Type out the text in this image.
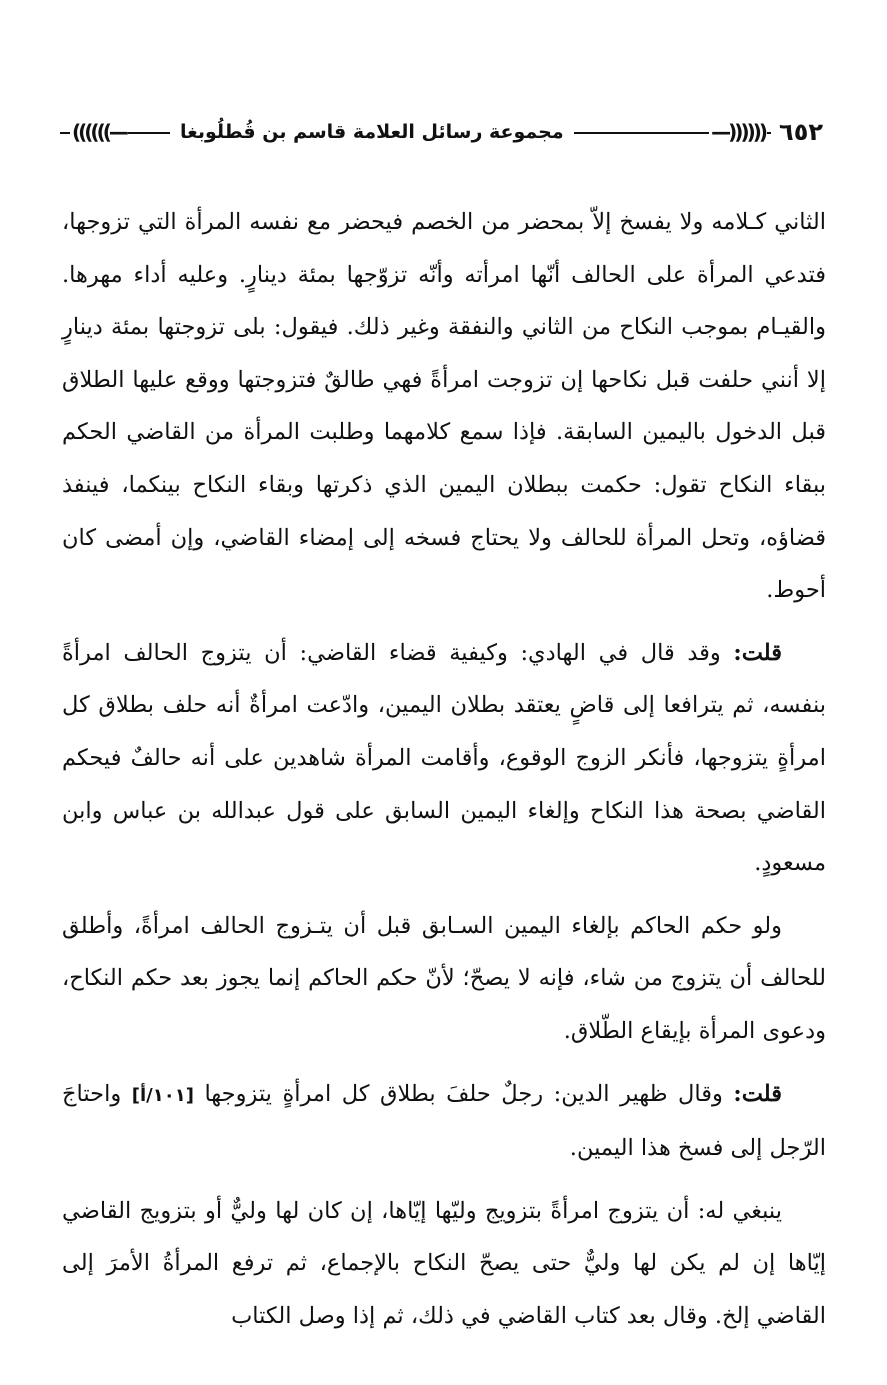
—))))))
((((((—	٦٥٢
مجموعة رسائل العلامة قاسم بن قُطلُوبغا

الثاني كـلامه ولا يفسخ إلاّ بمحضر من الخصم فيحضر مع نفسه المرأة التي تزوجها، فتدعي المرأة على الحالف أنّها امرأته وأنّه تزوّجها بمئة دينارٍ. وعليه أداء مهرها. والقيـام بموجب النكاح من الثاني والنفقة وغير ذلك. فيقول: بلى تزوجتها بمئة دينارٍ إلا أنني حلفت قبل نكاحها إن تزوجت امرأةً فهي طالقٌ فتزوجتها ووقع عليها الطلاق قبل الدخول باليمين السابقة. فإذا سمع كلامهما وطلبت المرأة من القاضي الحكم ببقاء النكاح تقول: حكمت ببطلان اليمين الذي ذكرتها وبقاء النكاح بينكما، فينفذ قضاؤه، وتحل المرأة للحالف ولا يحتاج فسخه إلى إمضاء القاضي، وإن أمضى كان أحوط.

قلت: وقد قال في الهادي: وكيفية قضاء القاضي: أن يتزوج الحالف امرأةً بنفسه، ثم يترافعا إلى قاضٍ يعتقد بطلان اليمين، وادّعت امرأةٌ أنه حلف بطلاق كل امرأةٍ يتزوجها، فأنكر الزوج الوقوع، وأقامت المرأة شاهدين على أنه حالفٌ فيحكم القاضي بصحة هذا النكاح وإلغاء اليمين السابق على قول عبدالله بن عباس وابن مسعودٍ.

ولو حكم الحاكم بإلغاء اليمين السـابق قبل أن يتـزوج الحالف امرأةً، وأطلق للحالف أن يتزوج من شاء، فإنه لا يصحّ؛ لأنّ حكم الحاكم إنما يجوز بعد حكم النكاح، ودعوى المرأة بإيقاع الطّلاق.

قلت: وقال ظهير الدين: رجلٌ حلفَ بطلاق كل امرأةٍ يتزوجها [١٠١/أ] واحتاجَ الرّجل إلى فسخ هذا اليمين.

ينبغي له: أن يتزوج امرأةً بتزويج وليّها إيّاها، إن كان لها وليٌّ أو بتزويج القاضي إيّاها إن لم يكن لها وليٌّ حتى يصحّ النكاح بالإجماع، ثم ترفع المرأةُ الأمرَ إلى القاضي إلخ. وقال بعد كتاب القاضي في ذلك، ثم إذا وصل الكتاب
